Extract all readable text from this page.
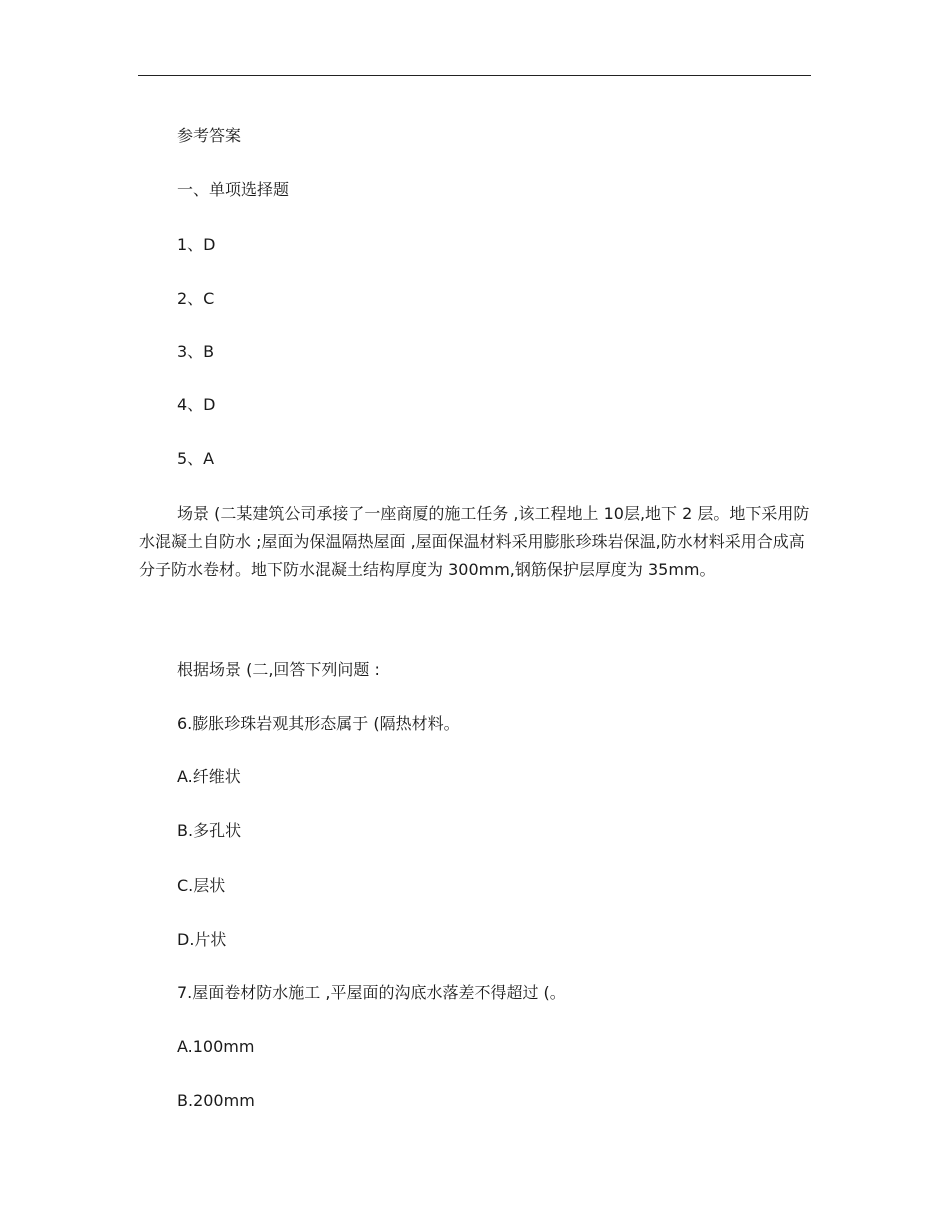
参考答案
一、单项选择题
1、D
2、C
3、B
4、D
5、A
场景 (二某建筑公司承接了一座商厦的施工任务 ,该工程地上 10层,地下 2 层。地下采用防水混凝土自防水 ;屋面为保温隔热屋面 ,屋面保温材料采用膨胀珍珠岩保温,防水材料采用合成高分子防水卷材。地下防水混凝土结构厚度为 300mm,钢筋保护层厚度为 35mm。
根据场景 (二,回答下列问题 :
6.膨胀珍珠岩观其形态属于 (隔热材料。
A.纤维状
B.多孔状
C.层状
D.片状
7.屋面卷材防水施工 ,平屋面的沟底水落差不得超过 (。
A.100mm
B.200mm
